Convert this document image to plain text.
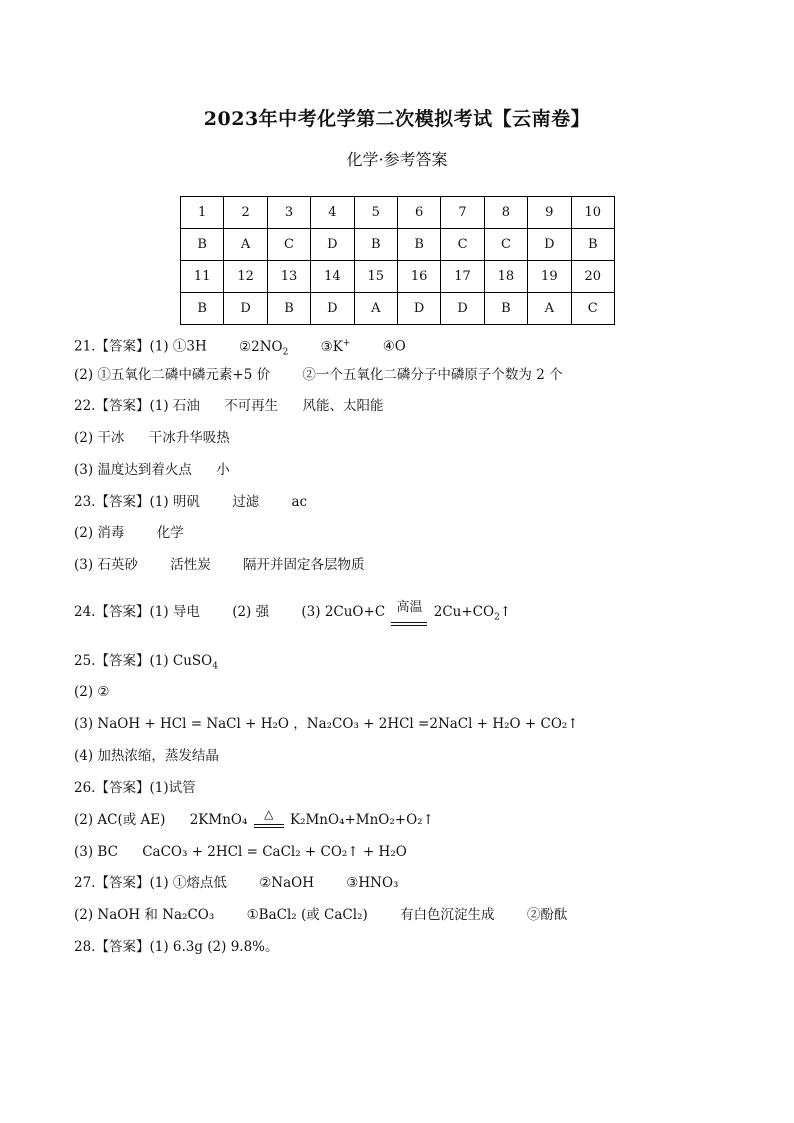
2023年中考化学第二次模拟考试【云南卷】
化学·参考答案
1	2	3	4	5	6	7	8	9	10
B	A	C	D	B	B	C	C	D	B
11	12	13	14	15	16	17	18	19	20
B	D	B	D	A	D	D	B	A	C
21.【答案】(1) ①3H $②2NO_2$ ③K+ ④O
(2) ①五氧化二磷中磷元素+5 价 ②一个五氧化二磷分子中磷原子个数为 2 个
22.【答案】(1) 石油 不可再生 风能、太阳能
(2) 干冰 干冰升华吸热
(3) 温度达到着火点 小
23.【答案】(1) 明矾 过滤 ac
(2) 消毒 化学
(3) 石英砂 活性炭 隔开并固定各层物质
24.【答案】(1) 导电 (2) 强 (3) 2CuO+C 高温 $2Cu+CO_2↑$
25.【答案】(1) CuSO$_4$
(2) ②
(3) NaOH + HCl = NaCl + H₂O ，Na₂CO₃ + 2HCl =2NaCl + H₂O + CO₂↑
(4) 加热浓缩，蒸发结晶
26.【答案】(1)试管
(2) AC(或 AE) 2KMnO₄	△	K₂MnO₄+MnO₂+O₂↑
(3) BC CaCO₃ + 2HCl = CaCl₂ + CO₂↑ + H₂O
27.【答案】(1) ①熔点低 ②NaOH ③HNO₃
(2) NaOH 和 Na₂CO₃ ①BaCl₂ (或 CaCl₂) 有白色沉淀生成 ②酚酞
28.【答案】(1) 6.3g (2) 9.8%。
